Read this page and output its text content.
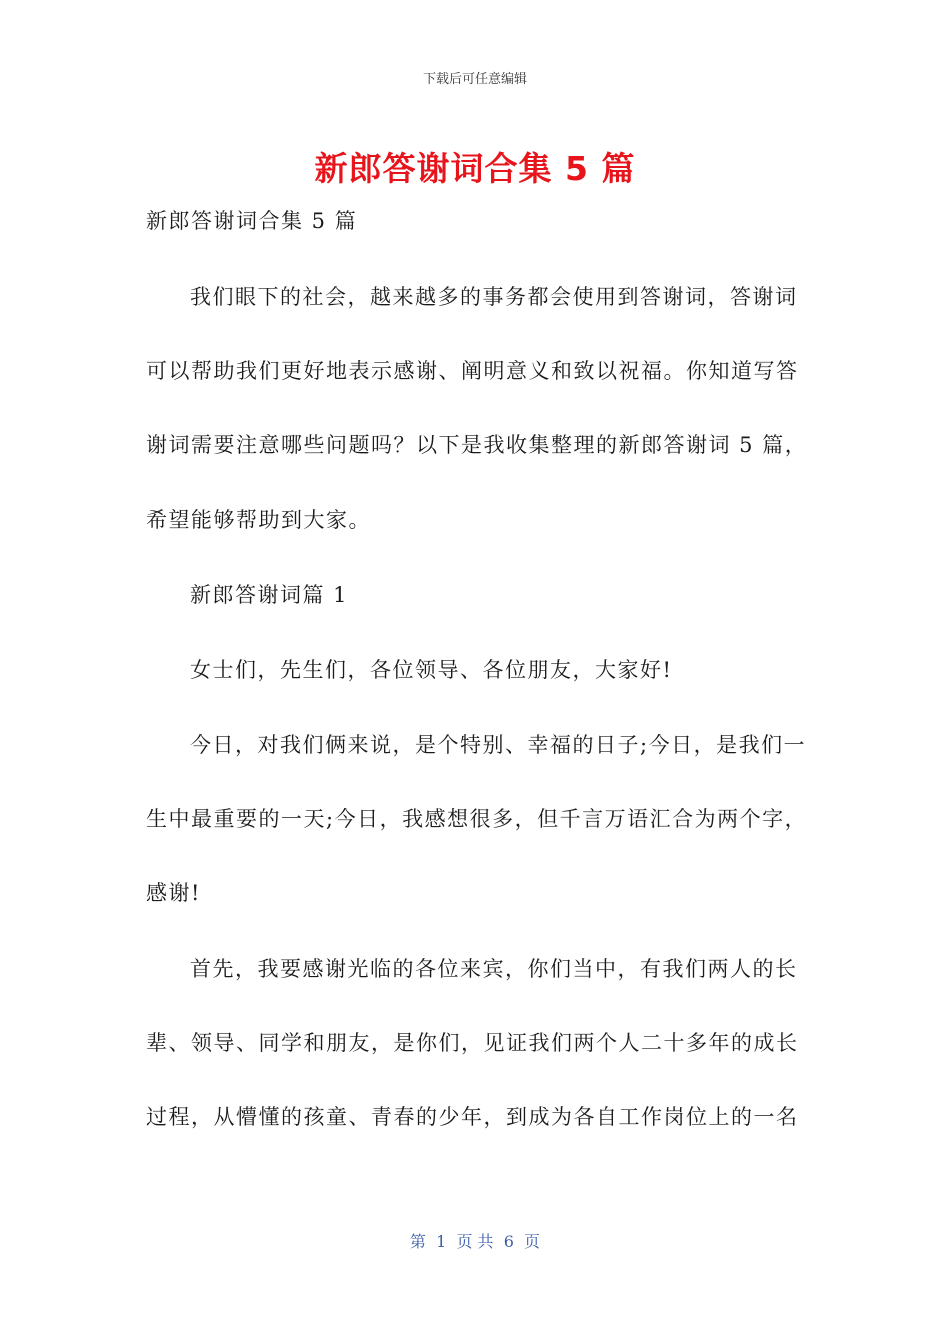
下载后可任意编辑
新郎答谢词合集 5 篇
新郎答谢词合集 5 篇
我们眼下的社会，越来越多的事务都会使用到答谢词，答谢词
可以帮助我们更好地表示感谢、阐明意义和致以祝福。你知道写答
谢词需要注意哪些问题吗？以下是我收集整理的新郎答谢词 5 篇，
希望能够帮助到大家。
新郎答谢词篇 1
女士们，先生们，各位领导、各位朋友，大家好!
今日，对我们俩来说，是个特别、幸福的日子;今日，是我们一
生中最重要的一天;今日，我感想很多，但千言万语汇合为两个字，
感谢!
首先，我要感谢光临的各位来宾，你们当中，有我们两人的长
辈、领导、同学和朋友，是你们，见证我们两个人二十多年的成长
过程，从懵懂的孩童、青春的少年，到成为各自工作岗位上的一名
第  1  页 共  6  页
